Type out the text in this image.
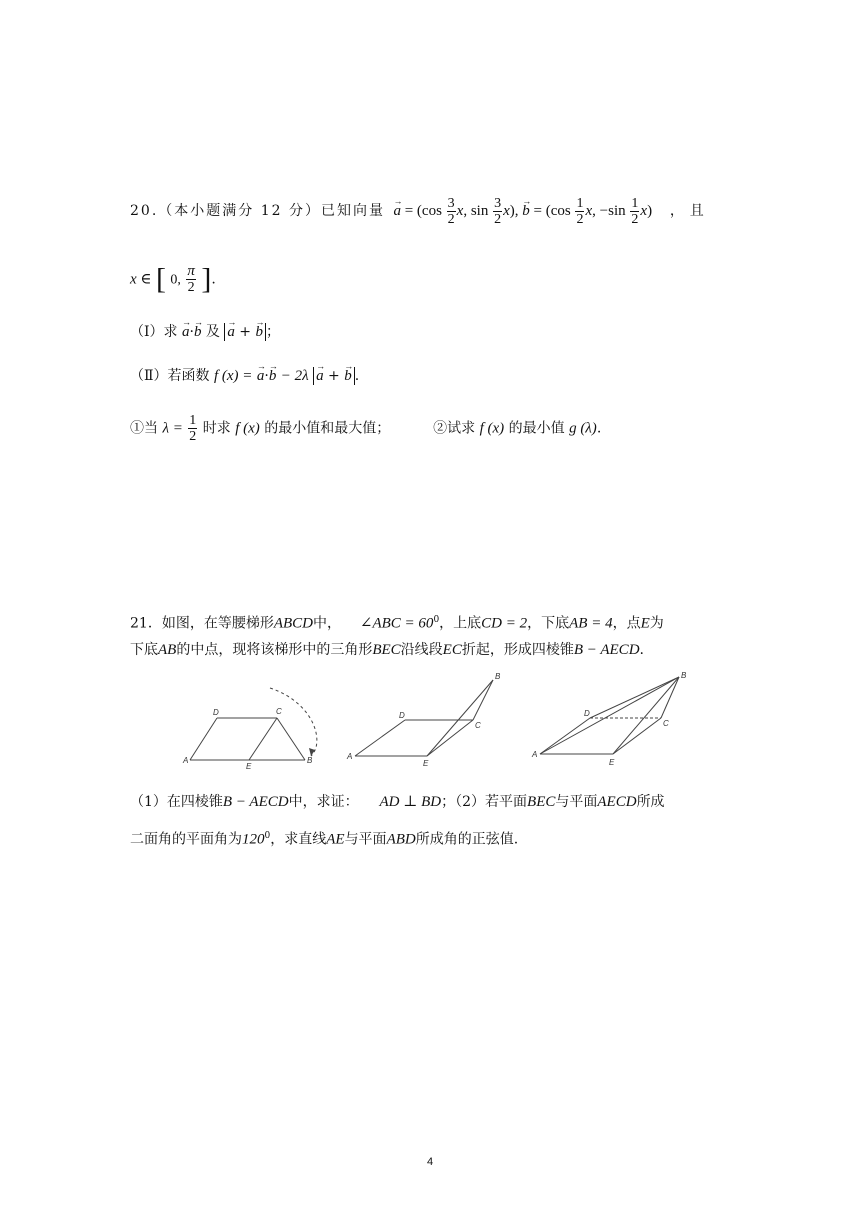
20.（本小题满分 12 分）已知向量 → $a = (\cos \frac{3}{2} x$, $\sin \frac{3}{2} x$), → $b = (\cos \frac{1}{2} x$, $-\sin \frac{1}{2} x$) ，且
x ∈ [ 0, $\frac{\pi}{2}$ ].
（Ⅰ）求 → a·→ b 及 → a + → b ；
（Ⅱ）若函数 f (x) = → a·→ b − 2λ → a + → b .
①当 $\lambda = \frac{1}{2}$ 时求 f (x) 的最小值和最大值；	②试求 f (x) 的最小值 g (λ).
21．如图，在等腰梯形ABCD中， ∠ABC = $60^0$，上底CD = 2，下底AB = 4，点E为
下底AB的中点，现将该梯形中的三角形BEC沿线段EC折起，形成四棱锥B − AECD.
A
D	C
B
E
A
D
C
B
E
A
D
C
B
E
（1）在四棱锥B − AECD中，求证： AD ⊥ BD；（2）若平面BEC与平面AECD所成
二面角的平面角为$120^0$，求直线AE与平面ABD所成角的正弦值.
4
